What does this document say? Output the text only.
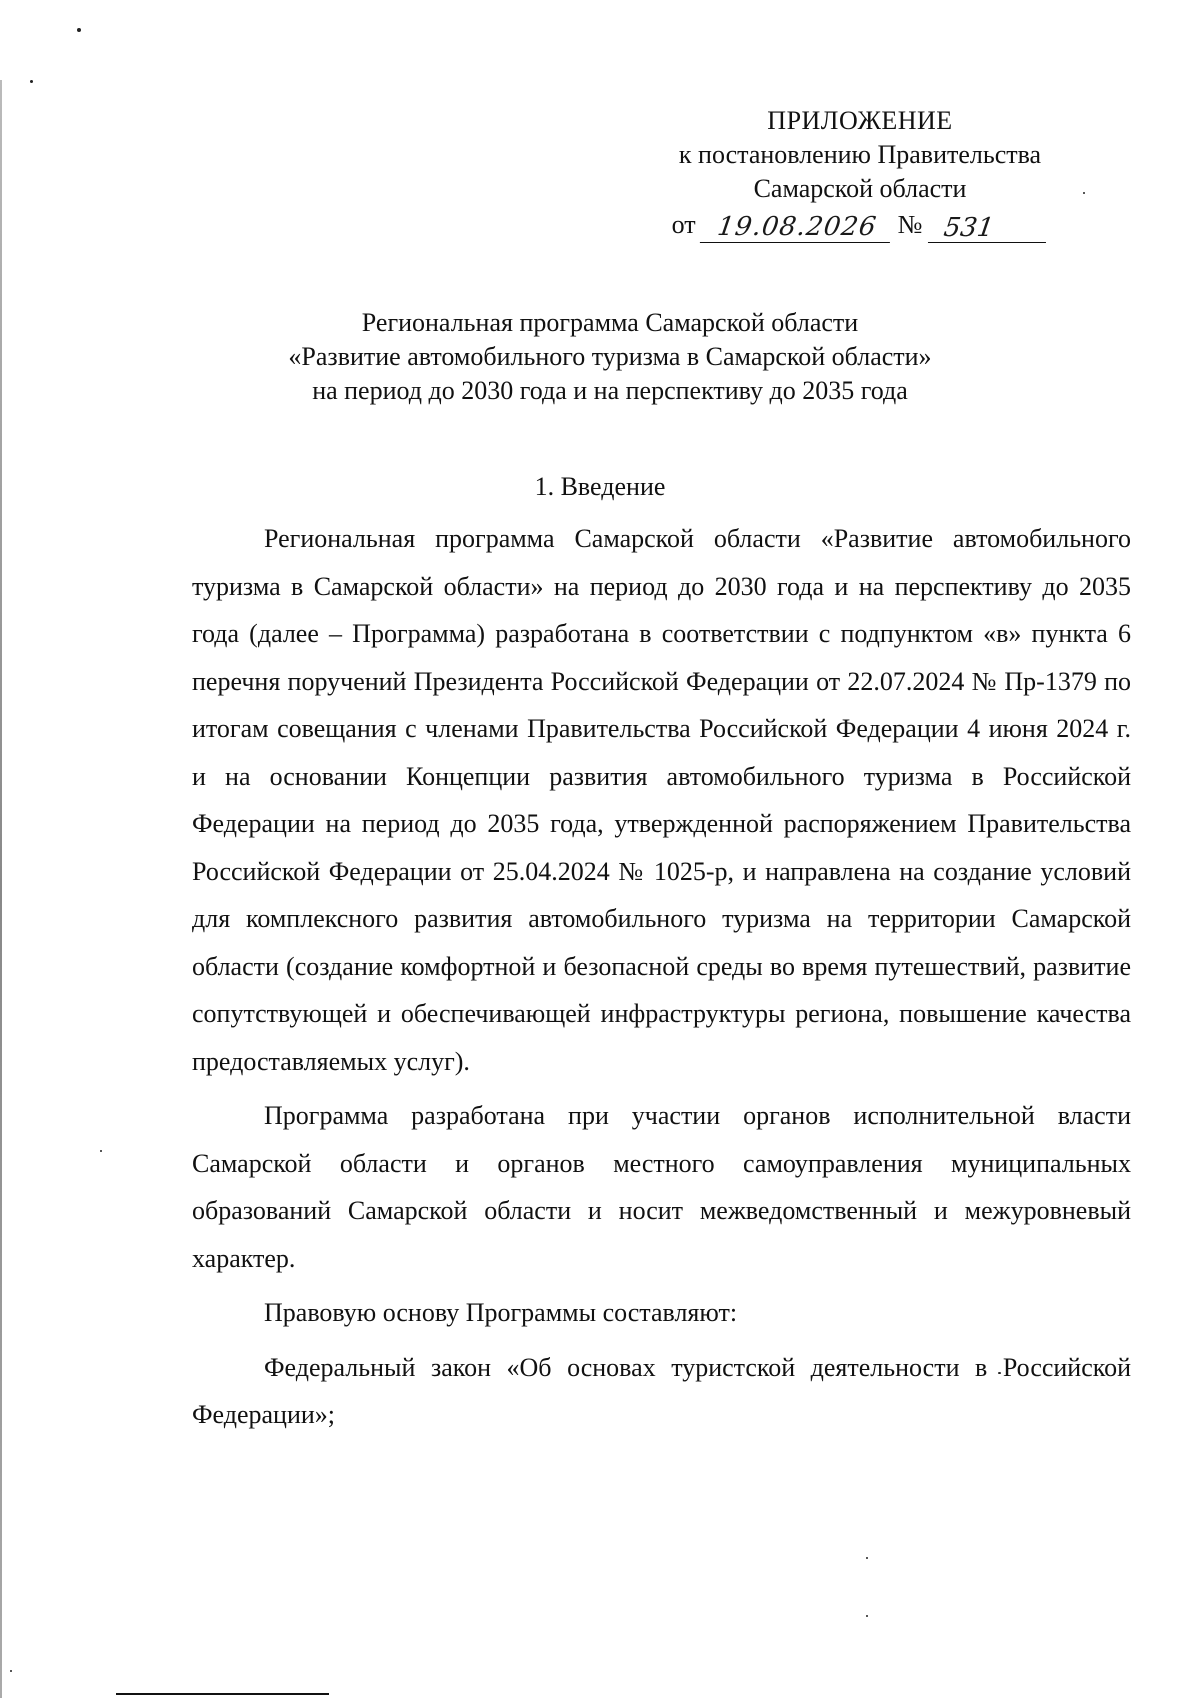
ПРИЛОЖЕНИЕ
к постановлению Правительства
Самарской области
от 19.08.2026 № 531
Региональная программа Самарской области
«Развитие автомобильного туризма в Самарской области»
на период до 2030 года и на перспективу до 2035 года
1. Введение

Региональная программа Самарской области «Развитие автомобильного туризма в Самарской области» на период до 2030 года и на перспективу до 2035 года (далее – Программа) разработана в соответствии с подпунктом «в» пункта 6 перечня поручений Президента Российской Федерации от 22.07.2024 № Пр-1379 по итогам совещания с членами Правительства Российской Федерации 4 июня 2024 г. и на основании Концепции развития автомобильного туризма в Российской Федерации на период до 2035 года, утвержденной распоряжением Правительства Российской Федерации от 25.04.2024 № 1025-р, и направлена на создание условий для комплексного развития автомобильного туризма на территории Самарской области (создание комфортной и безопасной среды во время путешествий, развитие сопутствующей и обеспечивающей инфраструктуры региона, повышение качества предоставляемых услуг).

Программа разработана при участии органов исполнительной власти Самарской области и органов местного самоуправления муниципальных образований Самарской области и носит межведомственный и межуровневый характер.

Правовую основу Программы составляют:

Федеральный закон «Об основах туристской деятельности в Российской Федерации»;
